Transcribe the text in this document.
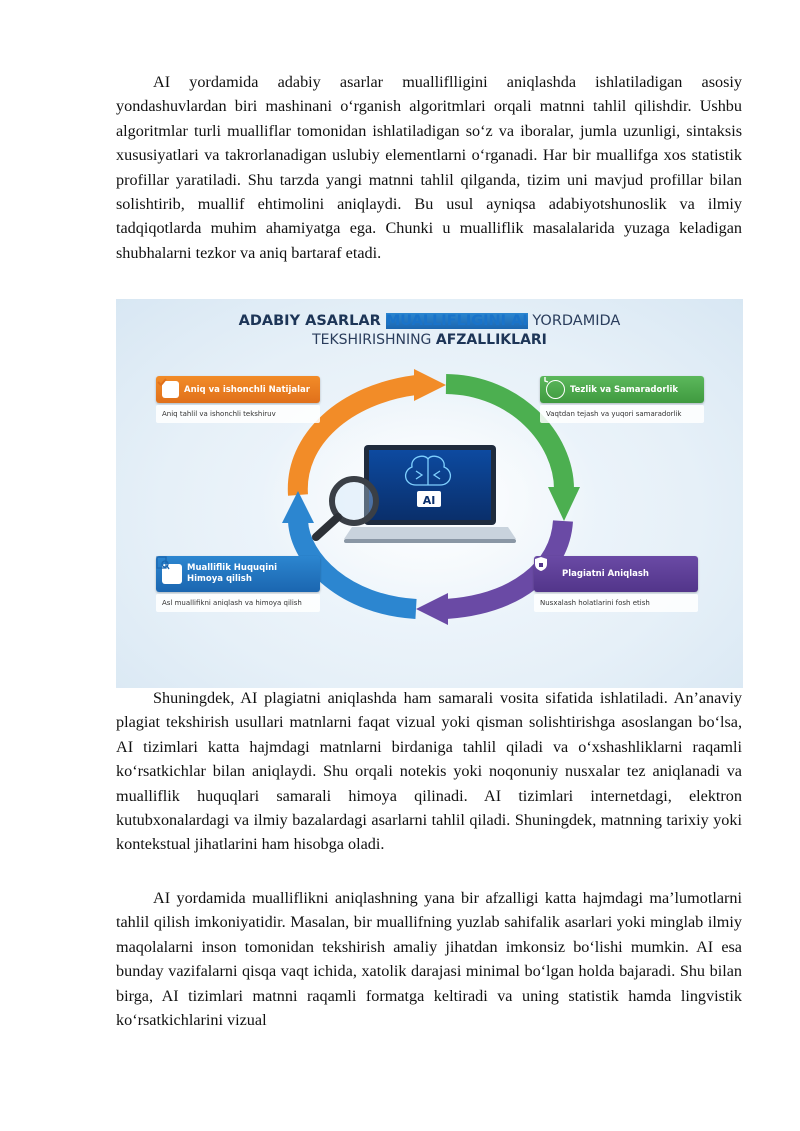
AI yordamida adabiy asarlar mualliflligini aniqlashda ishlatiladigan asosiy yondashuvlardan biri mashinani o‘rganish algoritmlari orqali matnni tahlil qilishdir. Ushbu algoritmlar turli mualliflar tomonidan ishlatiladigan so‘z va iboralar, jumla uzunligi, sintaksis xususiyatlari va takrorlanadigan uslubiy elementlarni o‘rganadi. Har bir muallifga xos statistik profillar yaratiladi. Shu tarzda yangi matnni tahlil qilganda, tizim uni mavjud profillar bilan solishtirib, muallif ehtimolini aniqlaydi. Bu usul ayniqsa adabiyotshunoslik va ilmiy tadqiqotlarda muhim ahamiyatga ega. Chunki u mualliflik masalalarida yuzaga keladigan shubhalarni tezkor va aniq bartaraf etadi.

AI
ADABIY ASARLAR MUALLIFLIGINI AI YORDAMIDA
TEKSHIRISHNING AFZALLIKLARI
Aniq va ishonchli Natijalar
Aniq tahlil va ishonchli tekshiruv
Tezlik va Samaradorlik
Vaqtdan tejash va yuqori samaradorlik
Mualliflik Huquqini
Himoya qilish
Asl muallifikni aniqlash va himoya qilish
Plagiatni Aniqlash
Nusxalash holatlarini fosh etish

Shuningdek, AI plagiatni aniqlashda ham samarali vosita sifatida ishlatiladi. An’anaviy plagiat tekshirish usullari matnlarni faqat vizual yoki qisman solishtirishga asoslangan bo‘lsa, AI tizimlari katta hajmdagi matnlarni birdaniga tahlil qiladi va o‘xshashliklarni raqamli ko‘rsatkichlar bilan aniqlaydi. Shu orqali notekis yoki noqonuniy nusxalar tez aniqlanadi va mualliflik huquqlari samarali himoya qilinadi. AI tizimlari internetdagi, elektron kutubxonalardagi va ilmiy bazalardagi asarlarni tahlil qiladi. Shuningdek, matnning tarixiy yoki kontekstual jihatlarini ham hisobga oladi.

AI yordamida mualliflikni aniqlashning yana bir afzalligi katta hajmdagi ma’lumotlarni tahlil qilish imkoniyatidir. Masalan, bir muallifning yuzlab sahifalik asarlari yoki minglab ilmiy maqolalarni inson tomonidan tekshirish amaliy jihatdan imkonsiz bo‘lishi mumkin. AI esa bunday vazifalarni qisqa vaqt ichida, xatolik darajasi minimal bo‘lgan holda bajaradi. Shu bilan birga, AI tizimlari matnni raqamli formatga keltiradi va uning statistik hamda lingvistik ko‘rsatkichlarini vizual
